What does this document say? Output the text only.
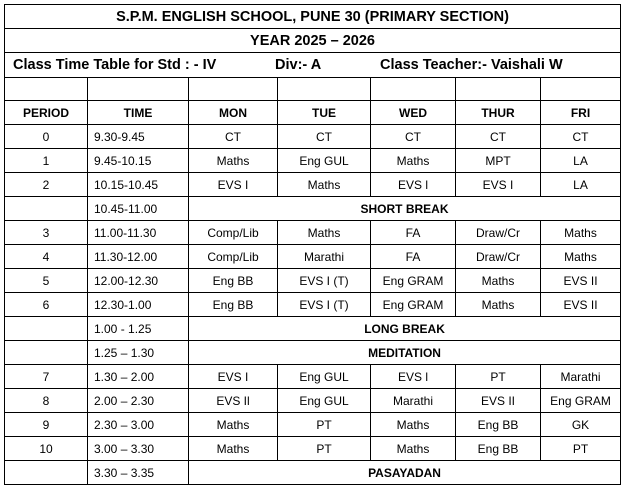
S.P.M. ENGLISH SCHOOL, PUNE 30 (PRIMARY SECTION)						
YEAR 2025 – 2026						
Class Time Table for Std : - IV Div:- A Class Teacher:- Vaishali W						

PERIOD	TIME	MON	TUE	WED	THUR	FRI
0	9.30-9.45	CT	CT	CT	CT	CT
1	9.45-10.15	Maths	Eng GUL	Maths	MPT	LA
2	10.15-10.45	EVS I	Maths	EVS l	EVS I	LA
	10.45-11.00	SHORT BREAK				
3	11.00-11.30	Comp/Lib	Maths	FA	Draw/Cr	Maths
4	11.30-12.00	Comp/Lib	Marathi	FA	Draw/Cr	Maths
5	12.00-12.30	Eng BB	EVS I (T)	Eng GRAM	Maths	EVS II
6	12.30-1.00	Eng BB	EVS I (T)	Eng GRAM	Maths	EVS II
	1.00 - 1.25	LONG BREAK				
	1.25 – 1.30	MEDITATION				
7	1.30 – 2.00	EVS I	Eng GUL	EVS l	PT	Marathi
8	2.00 – 2.30	EVS Il	Eng GUL	Marathi	EVS II	Eng GRAM
9	2.30 – 3.00	Maths	PT	Maths	Eng BB	GK
10	3.00 – 3.30	Maths	PT	Maths	Eng BB	PT
	3.30 – 3.35	PASAYADAN				
